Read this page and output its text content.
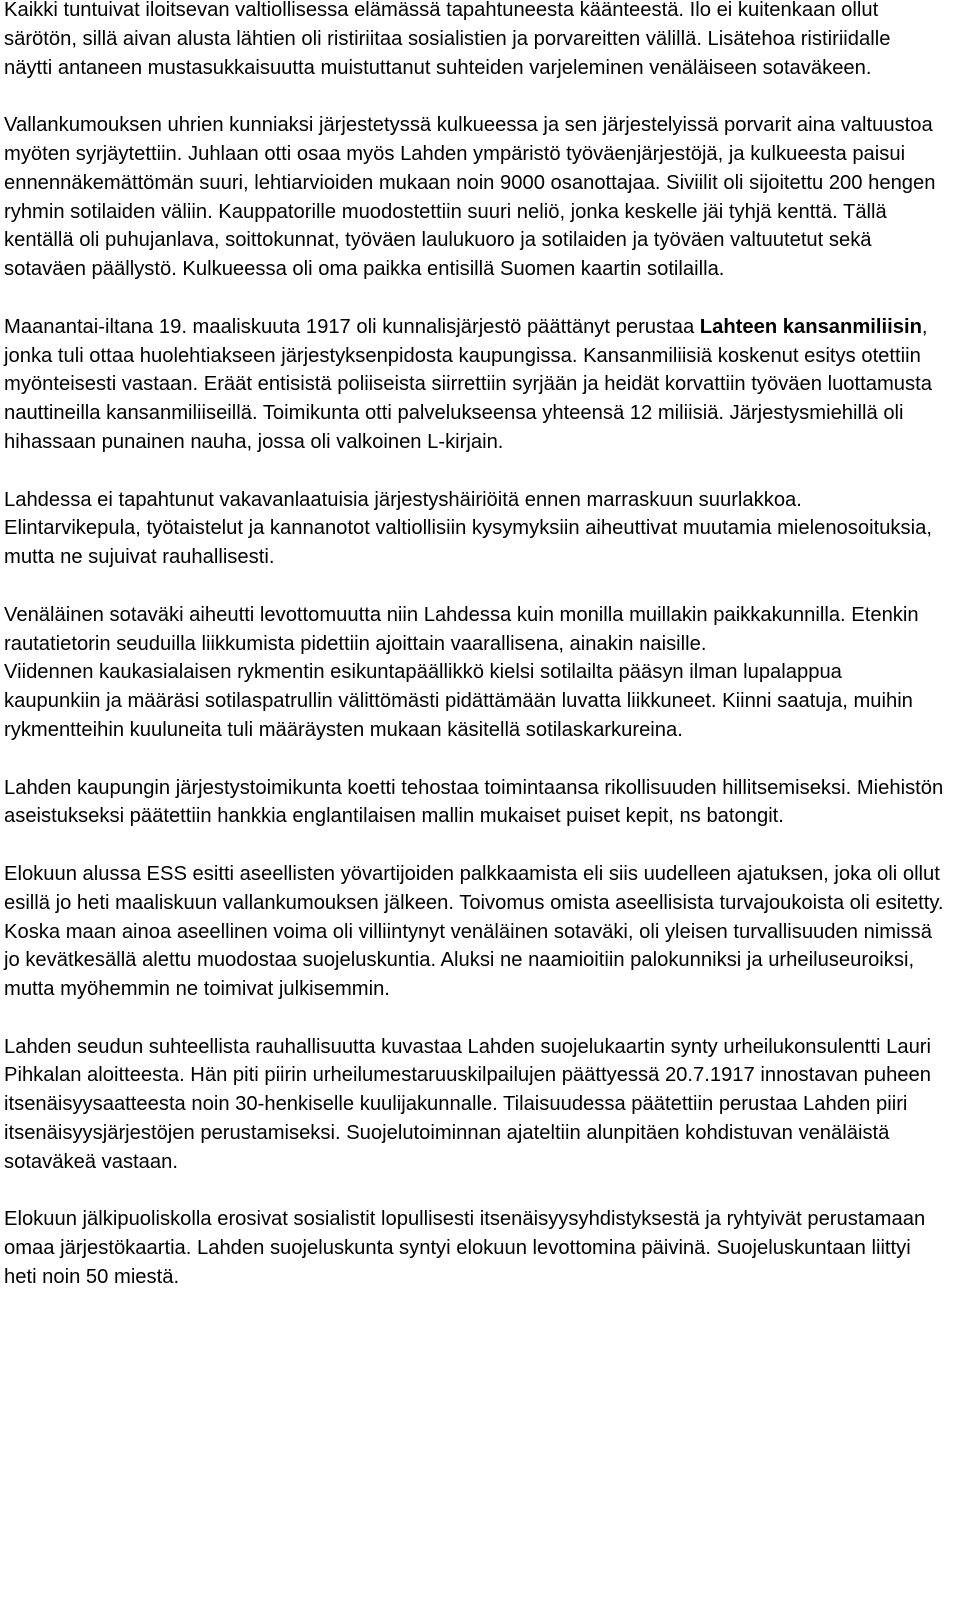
Kaikki tuntuivat iloitsevan valtiollisessa elämässä tapahtuneesta käänteestä. Ilo ei kuitenkaan ollut särötön, sillä aivan alusta lähtien oli ristiriitaa sosialistien ja porvareitten välillä. Lisätehoa ristiriidalle näytti antaneen mustasukkaisuutta muistuttanut suhteiden varjeleminen venäläiseen sotaväkeen.

Vallankumouksen uhrien kunniaksi järjestetyssä kulkueessa ja sen järjestelyissä porvarit aina valtuustoa myöten syrjäytettiin. Juhlaan otti osaa myös Lahden ympäristö työväenjärjestöjä, ja kulkueesta paisui ennennäkemättömän suuri, lehtiarvioiden mukaan noin 9000 osanottajaa. Siviilit oli sijoitettu 200 hengen ryhmin sotilaiden väliin. Kauppatorille muodostettiin suuri neliö, jonka keskelle jäi tyhjä kenttä. Tällä kentällä oli puhujanlava, soittokunnat, työväen laulukuoro ja sotilaiden ja työväen valtuutetut sekä sotaväen päällystö. Kulkueessa oli oma paikka entisillä Suomen kaartin sotilailla.

Maanantai-iltana 19. maaliskuuta 1917 oli kunnalisjärjestö päättänyt perustaa Lahteen kansanmiliisin, jonka tuli ottaa huolehtiakseen järjestyksenpidosta kaupungissa. Kansanmiliisiä koskenut esitys otettiin myönteisesti vastaan. Eräät entisistä poliiseista siirrettiin syrjään ja heidät korvattiin työväen luottamusta nauttineilla kansanmiliiseillä. Toimikunta otti palvelukseensa yhteensä 12 miliisiä. Järjestysmiehillä oli hihassaan punainen nauha, jossa oli valkoinen L-kirjain.

Lahdessa ei tapahtunut vakavanlaatuisia järjestyshäiriöitä ennen marraskuun suurlakkoa. Elintarvikepula, työtaistelut ja kannanotot valtiollisiin kysymyksiin aiheuttivat muutamia mielenosoituksia, mutta ne sujuivat rauhallisesti.

Venäläinen sotaväki aiheutti levottomuutta niin Lahdessa kuin monilla muillakin paikkakunnilla. Etenkin rautatietorin seuduilla liikkumista pidettiin ajoittain vaarallisena, ainakin naisille.

Viidennen kaukasialaisen rykmentin esikuntapäällikkö kielsi sotilailta pääsyn ilman lupalappua kaupunkiin ja määräsi sotilaspatrullin välittömästi pidättämään luvatta liikkuneet. Kiinni saatuja, muihin rykmentteihin kuuluneita tuli määräysten mukaan käsitellä sotilaskarkureina.

Lahden kaupungin järjestystoimikunta koetti tehostaa toimintaansa rikollisuuden hillitsemiseksi. Miehistön aseistukseksi päätettiin hankkia englantilaisen mallin mukaiset puiset kepit, ns batongit.

Elokuun alussa ESS esitti aseellisten yövartijoiden palkkaamista eli siis uudelleen ajatuksen, joka oli ollut esillä jo heti maaliskuun vallankumouksen jälkeen. Toivomus omista aseellisista turvajoukoista oli esitetty.

Koska maan ainoa aseellinen voima oli villiintynyt venäläinen sotaväki, oli yleisen turvallisuuden nimissä jo kevätkesällä alettu muodostaa suojeluskuntia. Aluksi ne naamioitiin palokunniksi ja urheiluseuroiksi, mutta myöhemmin ne toimivat julkisemmin.

Lahden seudun suhteellista rauhallisuutta kuvastaa Lahden suojelukaartin synty urheilukonsulentti Lauri Pihkalan aloitteesta. Hän piti piirin urheilumestaruuskilpailujen päättyessä 20.7.1917 innostavan puheen itsenäisyysaatteesta noin 30-henkiselle kuulijakunnalle. Tilaisuudessa päätettiin perustaa Lahden piiri itsenäisyysjärjestöjen perustamiseksi. Suojelutoiminnan ajateltiin alunpitäen kohdistuvan venäläistä sotaväkeä vastaan.

Elokuun jälkipuoliskolla erosivat sosialistit lopullisesti itsenäisyysyhdistyksestä ja ryhtyivät perustamaan omaa järjestökaartia. Lahden suojeluskunta syntyi elokuun levottomina päivinä. Suojeluskuntaan liittyi heti noin 50 miestä.
